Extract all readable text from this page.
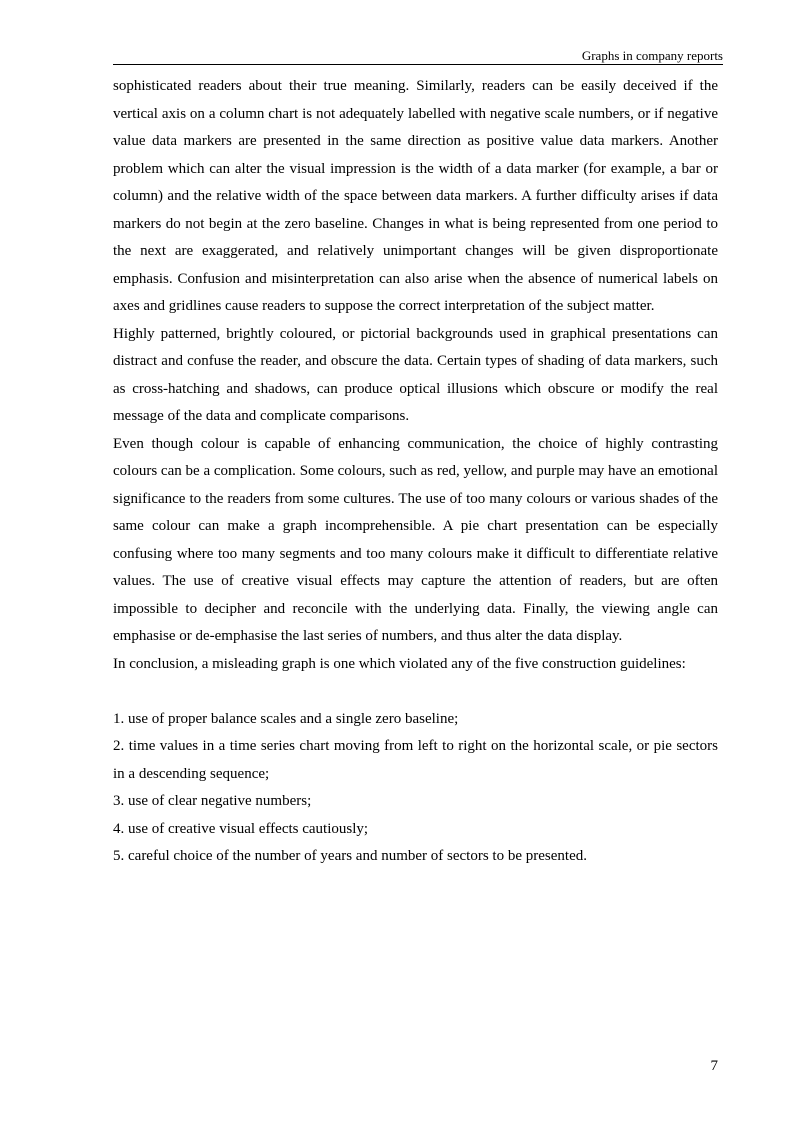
Graphs in company reports

sophisticated readers about their true meaning. Similarly, readers can be easily deceived if the vertical axis on a column chart is not adequately labelled with negative scale numbers, or if negative value data markers are presented in the same direction as positive value data markers. Another problem which can alter the visual impression is the width of a data marker (for example, a bar or column) and the relative width of the space between data markers. A further difficulty arises if data markers do not begin at the zero baseline. Changes in what is being represented from one period to the next are exaggerated, and relatively unimportant changes will be given disproportionate emphasis. Confusion and misinterpretation can also arise when the absence of numerical labels on axes and gridlines cause readers to suppose the correct interpretation of the subject matter.

Highly patterned, brightly coloured, or pictorial backgrounds used in graphical presentations can distract and confuse the reader, and obscure the data. Certain types of shading of data markers, such as cross-hatching and shadows, can produce optical illusions which obscure or modify the real message of the data and complicate comparisons.

Even though colour is capable of enhancing communication, the choice of highly contrasting colours can be a complication. Some colours, such as red, yellow, and purple may have an emotional significance to the readers from some cultures. The use of too many colours or various shades of the same colour can make a graph incomprehensible. A pie chart presentation can be especially confusing where too many segments and too many colours make it difficult to differentiate relative values. The use of creative visual effects may capture the attention of readers, but are often impossible to decipher and reconcile with the underlying data. Finally, the viewing angle can emphasise or de-emphasise the last series of numbers, and thus alter the data display.

In conclusion, a misleading graph is one which violated any of the five construction guidelines:

1. use of proper balance scales and a single zero baseline;

2. time values in a time series chart moving from left to right on the horizontal scale, or pie sectors in a descending sequence;

3. use of clear negative numbers;

4. use of creative visual effects cautiously;

5. careful choice of the number of years and number of sectors to be presented.

7
